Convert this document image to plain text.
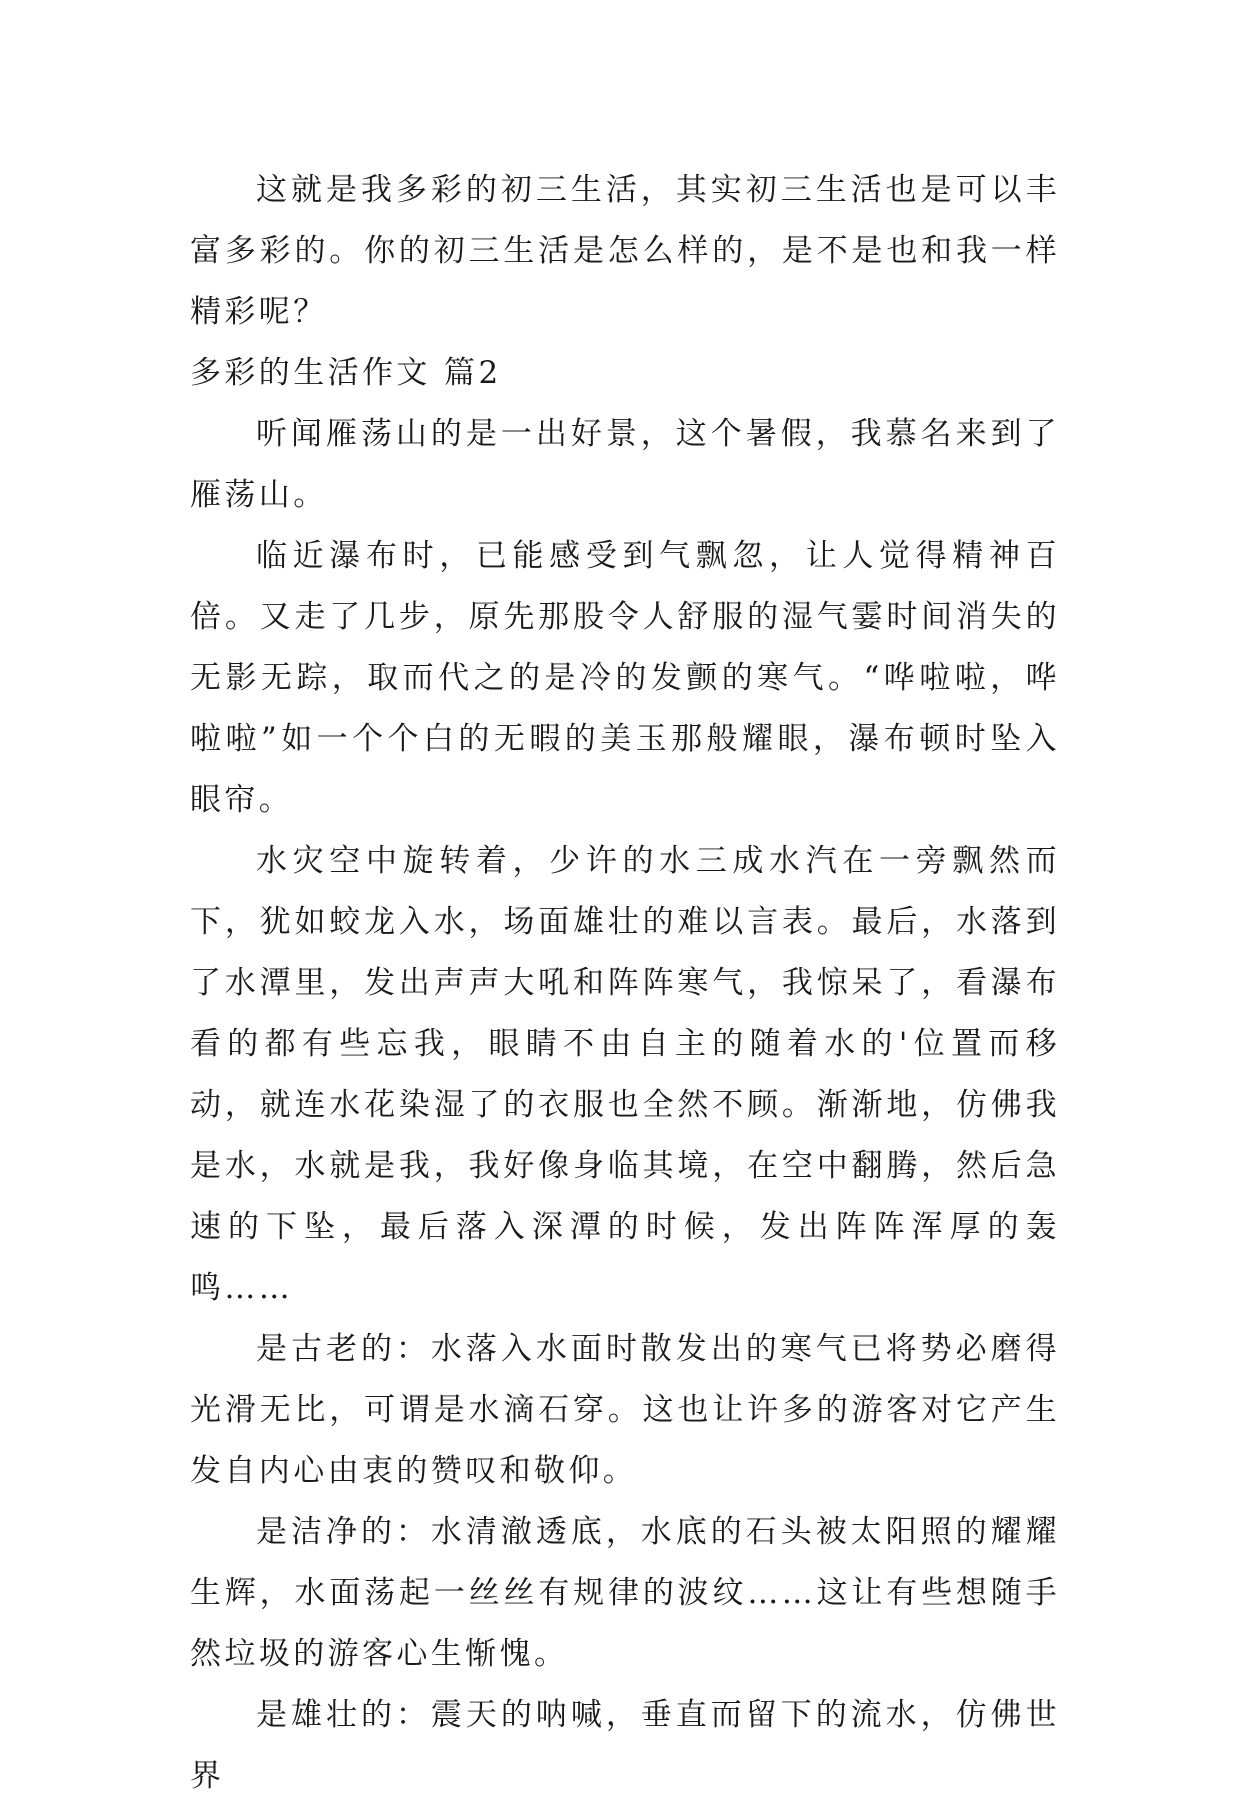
这就是我多彩的初三生活，其实初三生活也是可以丰富多彩的。你的初三生活是怎么样的，是不是也和我一样精彩呢？

多彩的生活作文 篇2

听闻雁荡山的是一出好景，这个暑假，我慕名来到了雁荡山。

临近瀑布时，已能感受到气飘忽，让人觉得精神百倍。又走了几步，原先那股令人舒服的湿气霎时间消失的无影无踪，取而代之的是冷的发颤的寒气。“哗啦啦，哗啦啦”如一个个白的无暇的美玉那般耀眼，瀑布顿时坠入眼帘。

水灾空中旋转着，少许的水三成水汽在一旁飘然而下，犹如蛟龙入水，场面雄壮的难以言表。最后，水落到了水潭里，发出声声大吼和阵阵寒气，我惊呆了，看瀑布看的都有些忘我，眼睛不由自主的随着水的'位置而移动，就连水花染湿了的衣服也全然不顾。渐渐地，仿佛我是水，水就是我，我好像身临其境，在空中翻腾，然后急速的下坠，最后落入深潭的时候，发出阵阵浑厚的轰鸣……

是古老的：水落入水面时散发出的寒气已将势必磨得光滑无比，可谓是水滴石穿。这也让许多的游客对它产生发自内心由衷的赞叹和敬仰。

是洁净的：水清澈透底，水底的石头被太阳照的耀耀生辉，水面荡起一丝丝有规律的波纹……这让有些想随手然垃圾的游客心生惭愧。

是雄壮的：震天的呐喊，垂直而留下的流水，仿佛世界
